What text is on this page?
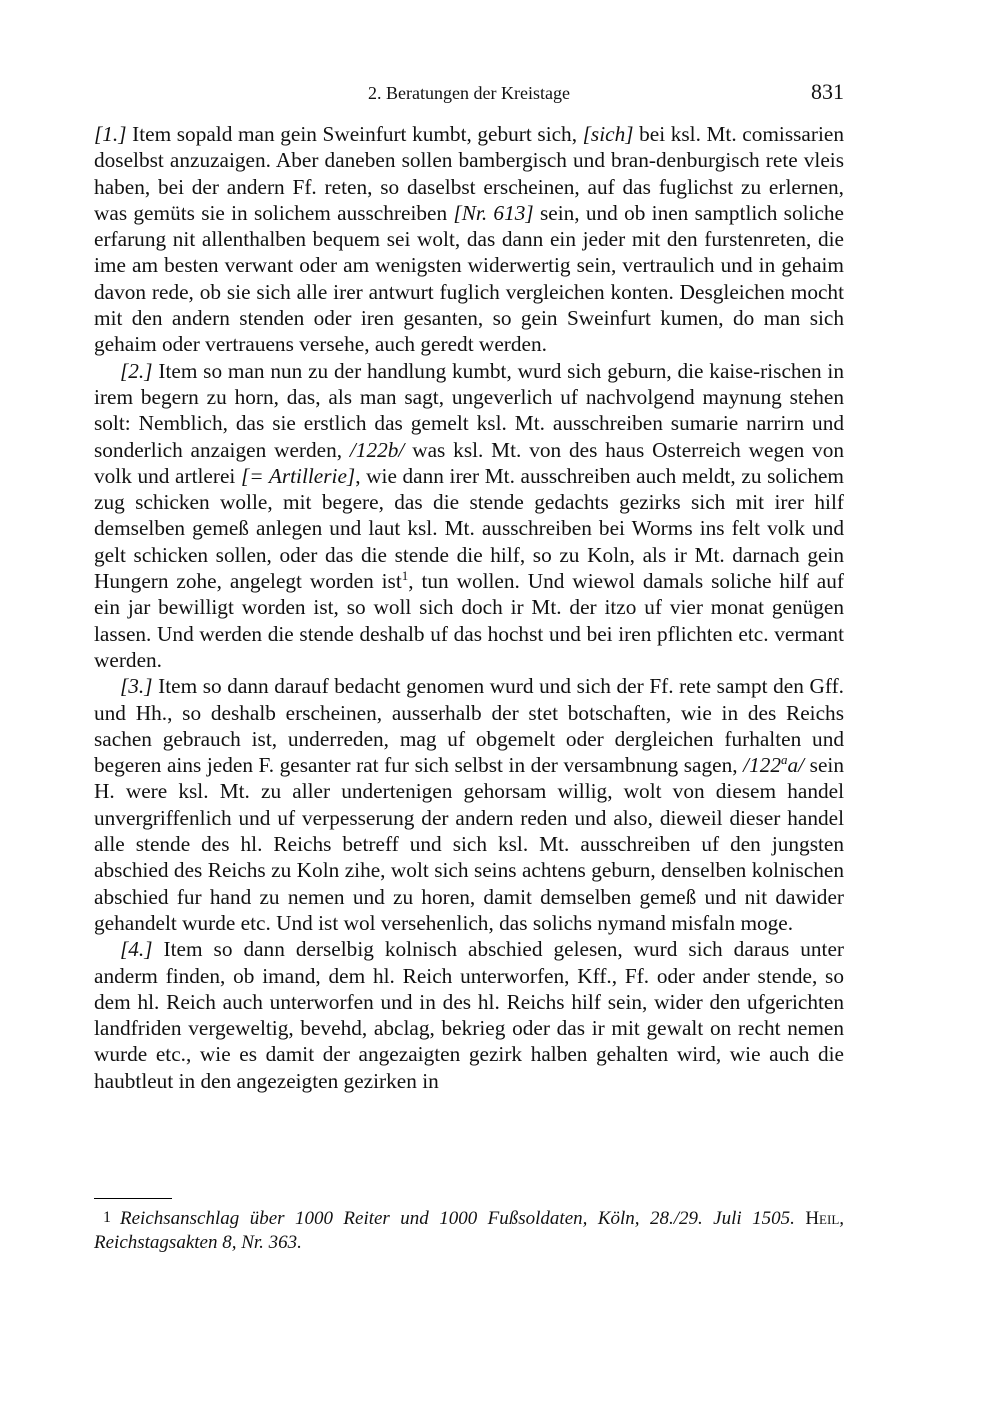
2. Beratungen der Kreistage	831

[1.] Item sopald man gein Sweinfurt kumbt, geburt sich, [sich] bei ksl. Mt. comissarien doselbst anzuzaigen. Aber daneben sollen bambergisch und bran-denburgisch rete vleis haben, bei der andern Ff. reten, so daselbst erscheinen, auf das fuglichst zu erlernen, was gemüts sie in solichem ausschreiben [Nr. 613] sein, und ob inen samptlich soliche erfarung nit allenthalben bequem sei wolt, das dann ein jeder mit den furstenreten, die ime am besten verwant oder am wenigsten widerwertig sein, vertraulich und in gehaim davon rede, ob sie sich alle irer antwurt fuglich vergleichen konten. Desgleichen mocht mit den andern stenden oder iren gesanten, so gein Sweinfurt kumen, do man sich gehaim oder vertrauens versehe, auch geredt werden.

[2.] Item so man nun zu der handlung kumbt, wurd sich geburn, die kaise-rischen in irem begern zu horn, das, als man sagt, ungeverlich uf nachvolgend maynung stehen solt: Nemblich, das sie erstlich das gemelt ksl. Mt. ausschreiben sumarie narrirn und sonderlich anzaigen werden, /122b/ was ksl. Mt. von des haus Osterreich wegen von volk und artlerei [= Artillerie], wie dann irer Mt. ausschreiben auch meldt, zu solichem zug schicken wolle, mit begere, das die stende gedachts gezirks sich mit irer hilf demselben gemeß anlegen und laut ksl. Mt. ausschreiben bei Worms ins felt volk und gelt schicken sollen, oder das die stende die hilf, so zu Koln, als ir Mt. darnach gein Hungern zohe, angelegt worden ist$^1$, tun wollen. Und wiewol damals soliche hilf auf ein jar bewilligt worden ist, so woll sich doch ir Mt. der itzo uf vier monat genügen lassen. Und werden die stende deshalb uf das hochst und bei iren pflichten etc. vermant werden.

[3.] Item so dann darauf bedacht genomen wurd und sich der Ff. rete sampt den Gff. und Hh., so deshalb erscheinen, ausserhalb der stet botschaften, wie in des Reichs sachen gebrauch ist, underreden, mag uf obgemelt oder dergleichen furhalten und begeren ains jeden F. gesanter rat fur sich selbst in der versambnung sagen, /122$^a$a/ sein H. were ksl. Mt. zu aller undertenigen gehorsam willig, wolt von diesem handel unvergriffenlich und uf verpesserung der andern reden und also, dieweil dieser handel alle stende des hl. Reichs betreff und sich ksl. Mt. ausschreiben uf den jungsten abschied des Reichs zu Koln zihe, wolt sich seins achtens geburn, denselben kolnischen abschied fur hand zu nemen und zu horen, damit demselben gemeß und nit dawider gehandelt wurde etc. Und ist wol versehenlich, das solichs nymand misfaln moge.

[4.] Item so dann derselbig kolnisch abschied gelesen, wurd sich daraus unter anderm finden, ob imand, dem hl. Reich unterworfen, Kff., Ff. oder ander stende, so dem hl. Reich auch unterworfen und in des hl. Reichs hilf sein, wider den ufgerichten landfriden vergeweltig, bevehd, abclag, bekrieg oder das ir mit gewalt on recht nemen wurde etc., wie es damit der angezaigten gezirk halben gehalten wird, wie auch die haubtleut in den angezeigten gezirken in

1 Reichsanschlag über 1000 Reiter und 1000 Fußsoldaten, Köln, 28./29. Juli 1505. Heil, Reichstagsakten 8, Nr. 363.
